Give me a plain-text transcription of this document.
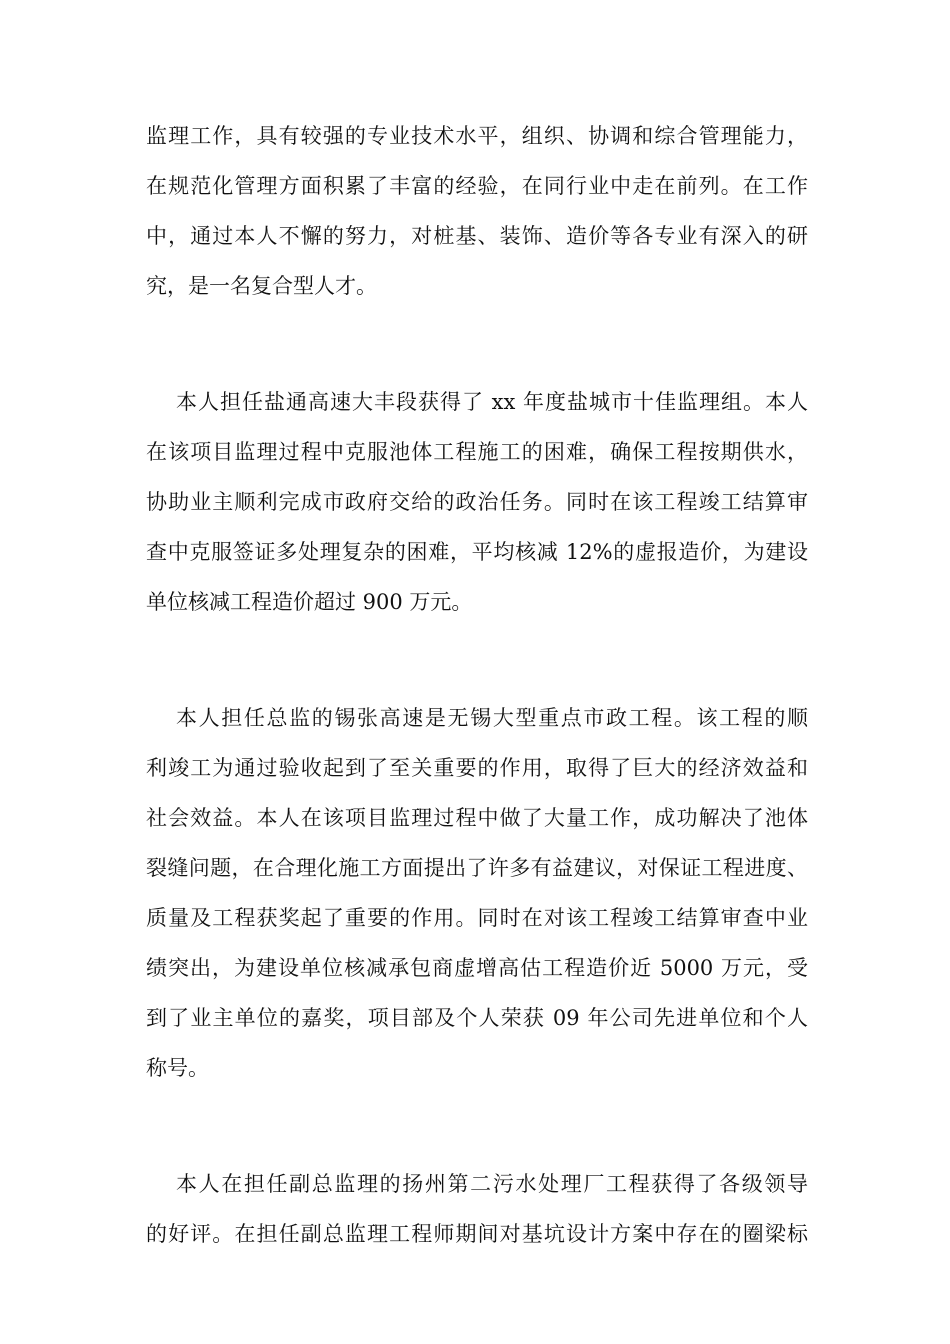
监理工作，具有较强的专业技术水平，组织、协调和综合管理能力，
在规范化管理方面积累了丰富的经验，在同行业中走在前列。在工作
中，通过本人不懈的努力，对桩基、装饰、造价等各专业有深入的研
究，是一名复合型人才。
本人担任盐通高速大丰段获得了 xx 年度盐城市十佳监理组。本人
在该项目监理过程中克服池体工程施工的困难，确保工程按期供水，
协助业主顺利完成市政府交给的政治任务。同时在该工程竣工结算审
查中克服签证多处理复杂的困难，平均核减 12%的虚报造价，为建设
单位核减工程造价超过 900 万元。
本人担任总监的锡张高速是无锡大型重点市政工程。该工程的顺
利竣工为通过验收起到了至关重要的作用，取得了巨大的经济效益和
社会效益。本人在该项目监理过程中做了大量工作，成功解决了池体
裂缝问题，在合理化施工方面提出了许多有益建议，对保证工程进度、
质量及工程获奖起了重要的作用。同时在对该工程竣工结算审查中业
绩突出，为建设单位核减承包商虚增高估工程造价近 5000 万元，受
到了业主单位的嘉奖，项目部及个人荣获 09 年公司先进单位和个人
称号。
本人在担任副总监理的扬州第二污水处理厂工程获得了各级领导
的好评。在担任副总监理工程师期间对基坑设计方案中存在的圈梁标
